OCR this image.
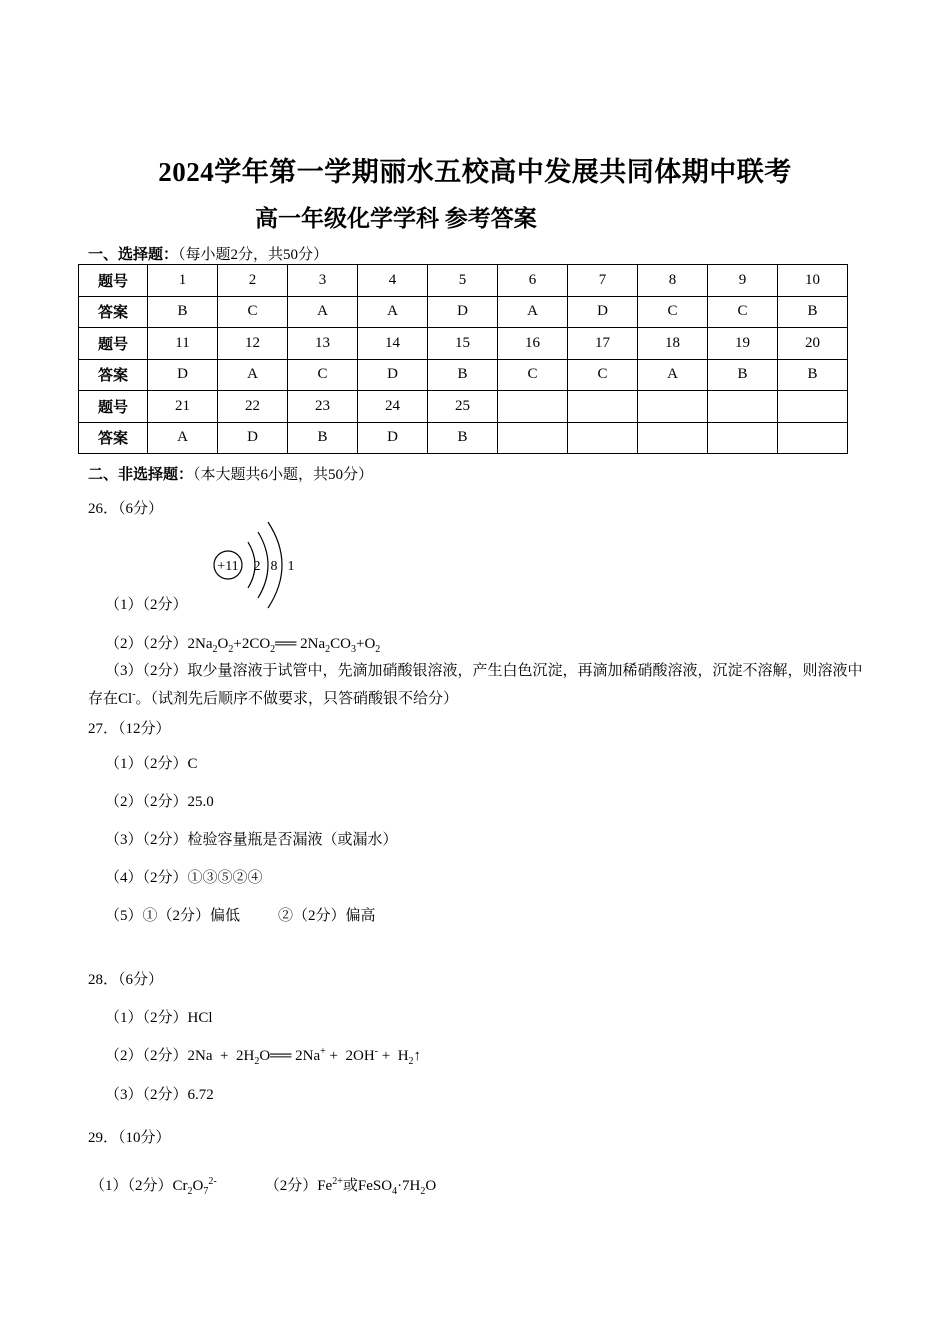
2024学年第一学期丽水五校高中发展共同体期中联考
高一年级化学学科 参考答案
一、选择题：（每小题2分，共50分）
题号	1	2	3	4	5	6	7	8	9	10
答案	B	C	A	A	D	A	D	C	C	B
题号	11	12	13	14	15	16	17	18	19	20
答案	D	A	C	D	B	C	C	A	B	B
题号	21	22	23	24	25					
答案	A	D	B	D	B					
二、非选择题：（本大题共6小题，共50分）
26．（6分）
+11 2 8 1
（1）（2分）
（2）（2分）$2Na_2O_2+2CO_2══$ $2Na_2CO_3+O_2$
（3）（2分）取少量溶液于试管中，先滴加硝酸银溶液，产生白色沉淀，再滴加稀硝酸溶液，沉淀不溶解，则溶液中存在Cl-。（试剂先后顺序不做要求，只答硝酸银不给分）
27．（12分）
（1）（2分）C
（2）（2分）25.0
（3）（2分）检验容量瓶是否漏液（或漏水）
（4）（2分）①③⑤②④
（5）①（2分）偏低	②（2分）偏高
28．（6分）
（1）（2分）HCl
（2）（2分）$2Na + 2H_2O══$ $2Na^+ + 2OH^- + H_2↑$
（3）（2分）6.72
29．（10分）
（1）（2分）$Cr_2O_7^{2-}$	（2分）$Fe^{2+}$或$FeSO_4\cdot 7H_2O$
